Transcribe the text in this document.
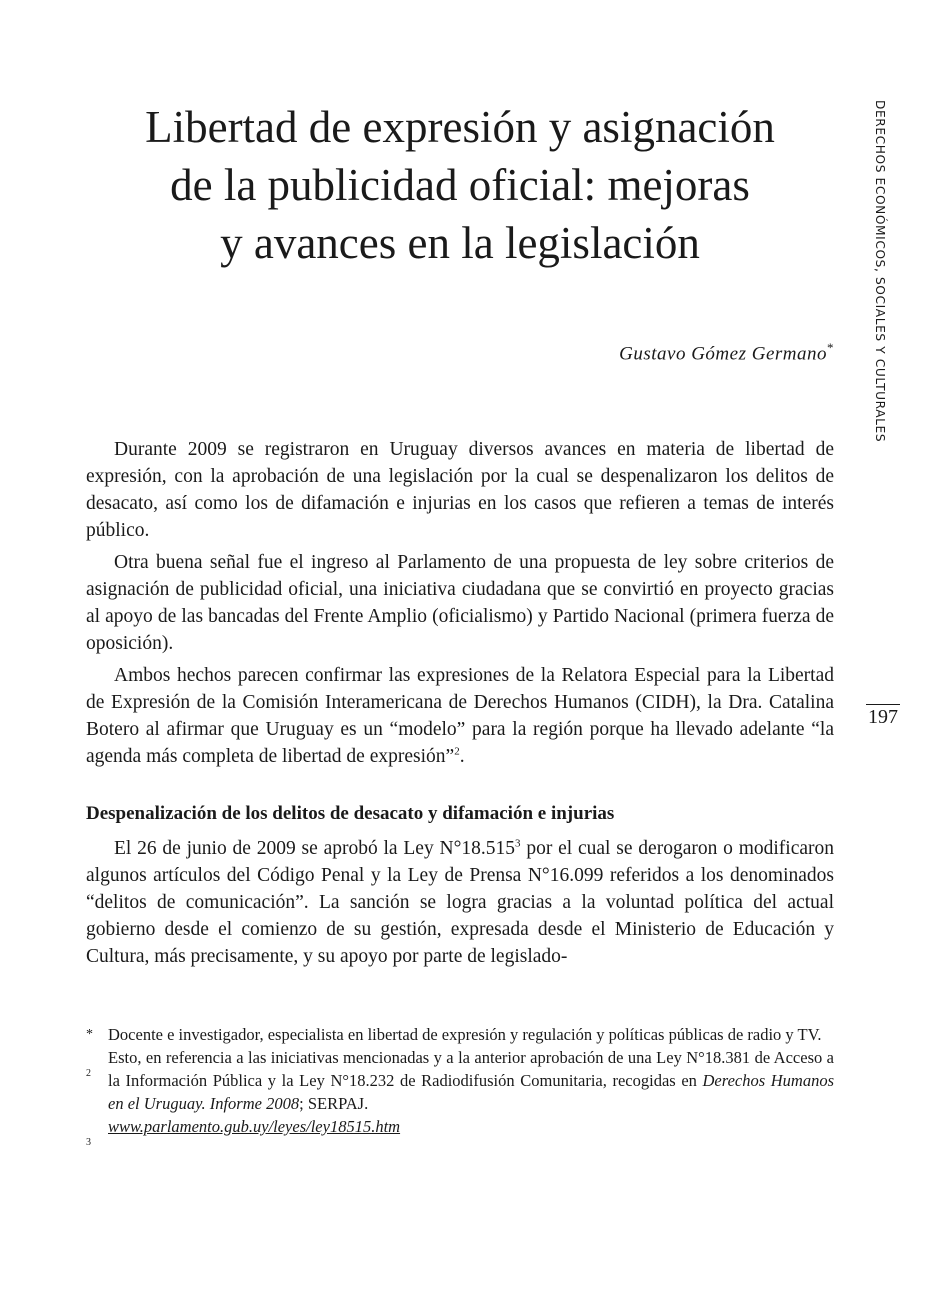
Libertad de expresión y asignación
de la publicidad oficial: mejoras
y avances en la legislación
Gustavo Gómez Germano*

Durante 2009 se registraron en Uruguay diversos avances en materia de libertad de expresión, con la aprobación de una legislación por la cual se despenalizaron los delitos de desacato, así como los de difamación e injurias en los casos que refieren a temas de interés público.

Otra buena señal fue el ingreso al Parlamento de una propuesta de ley sobre criterios de asignación de publicidad oficial, una iniciativa ciudadana que se convirtió en proyecto gracias al apoyo de las bancadas del Frente Amplio (oficialismo) y Partido Nacional (primera fuerza de oposición).

Ambos hechos parecen confirmar las expresiones de la Relatora Especial para la Libertad de Expresión de la Comisión Interamericana de Derechos Humanos (CIDH), la Dra. Catalina Botero al afirmar que Uruguay es un “modelo” para la región porque ha llevado adelante “la agenda más completa de libertad de expresión”$^2$.

Despenalización de los delitos de desacato y difamación e injurias

El 26 de junio de 2009 se aprobó la Ley N°18.515$^3$ por el cual se derogaron o modificaron algunos artículos del Código Penal y la Ley de Prensa N°16.099 referidos a los denominados “delitos de comunicación”. La sanción se logra gracias a la voluntad política del actual gobierno desde el comienzo de su gestión, expresada desde el Ministerio de Educación y Cultura, más precisamente, y su apoyo por parte de legislado-

* Docente e investigador, especialista en libertad de expresión y regulación y políticas públicas de radio y TV.
2
Esto, en referencia a las iniciativas mencionadas y a la anterior aprobación de una Ley N°18.381 de Acceso a la Información Pública y la Ley N°18.232 de Radiodifusión Comunitaria, recogidas en Derechos Humanos en el Uruguay. Informe 2008; SERPAJ.
3
www.parlamento.gub.uy/leyes/ley18515.htm
DERECHOS ECONÓMICOS, SOCIALES Y CULTURALES
197
